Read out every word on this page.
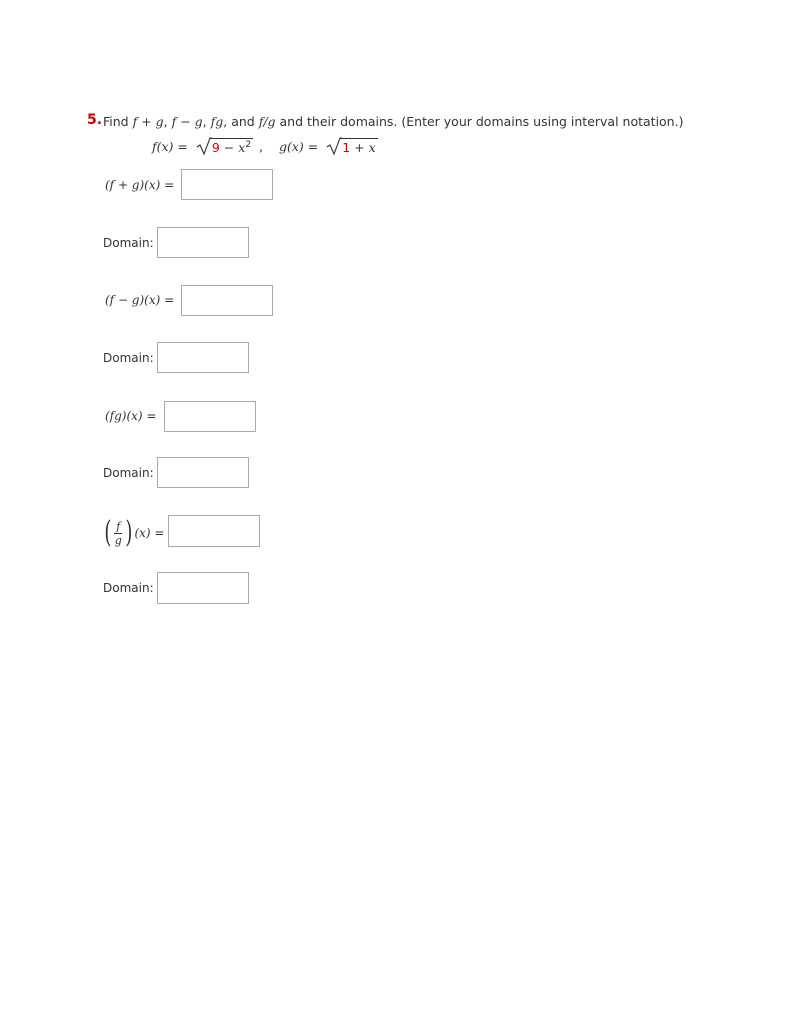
5. Find f + g, f − g, fg, and f/g and their domains. (Enter your domains using interval notation.)
f(x) =
$9 - x^2$ , g(x) =
1 + x
(f + g)(x) =
Domain:
(f − g)(x) =
Domain:
(fg)(x) =
Domain:
( $\frac{f}{g}$ ) (x) =
Domain:
